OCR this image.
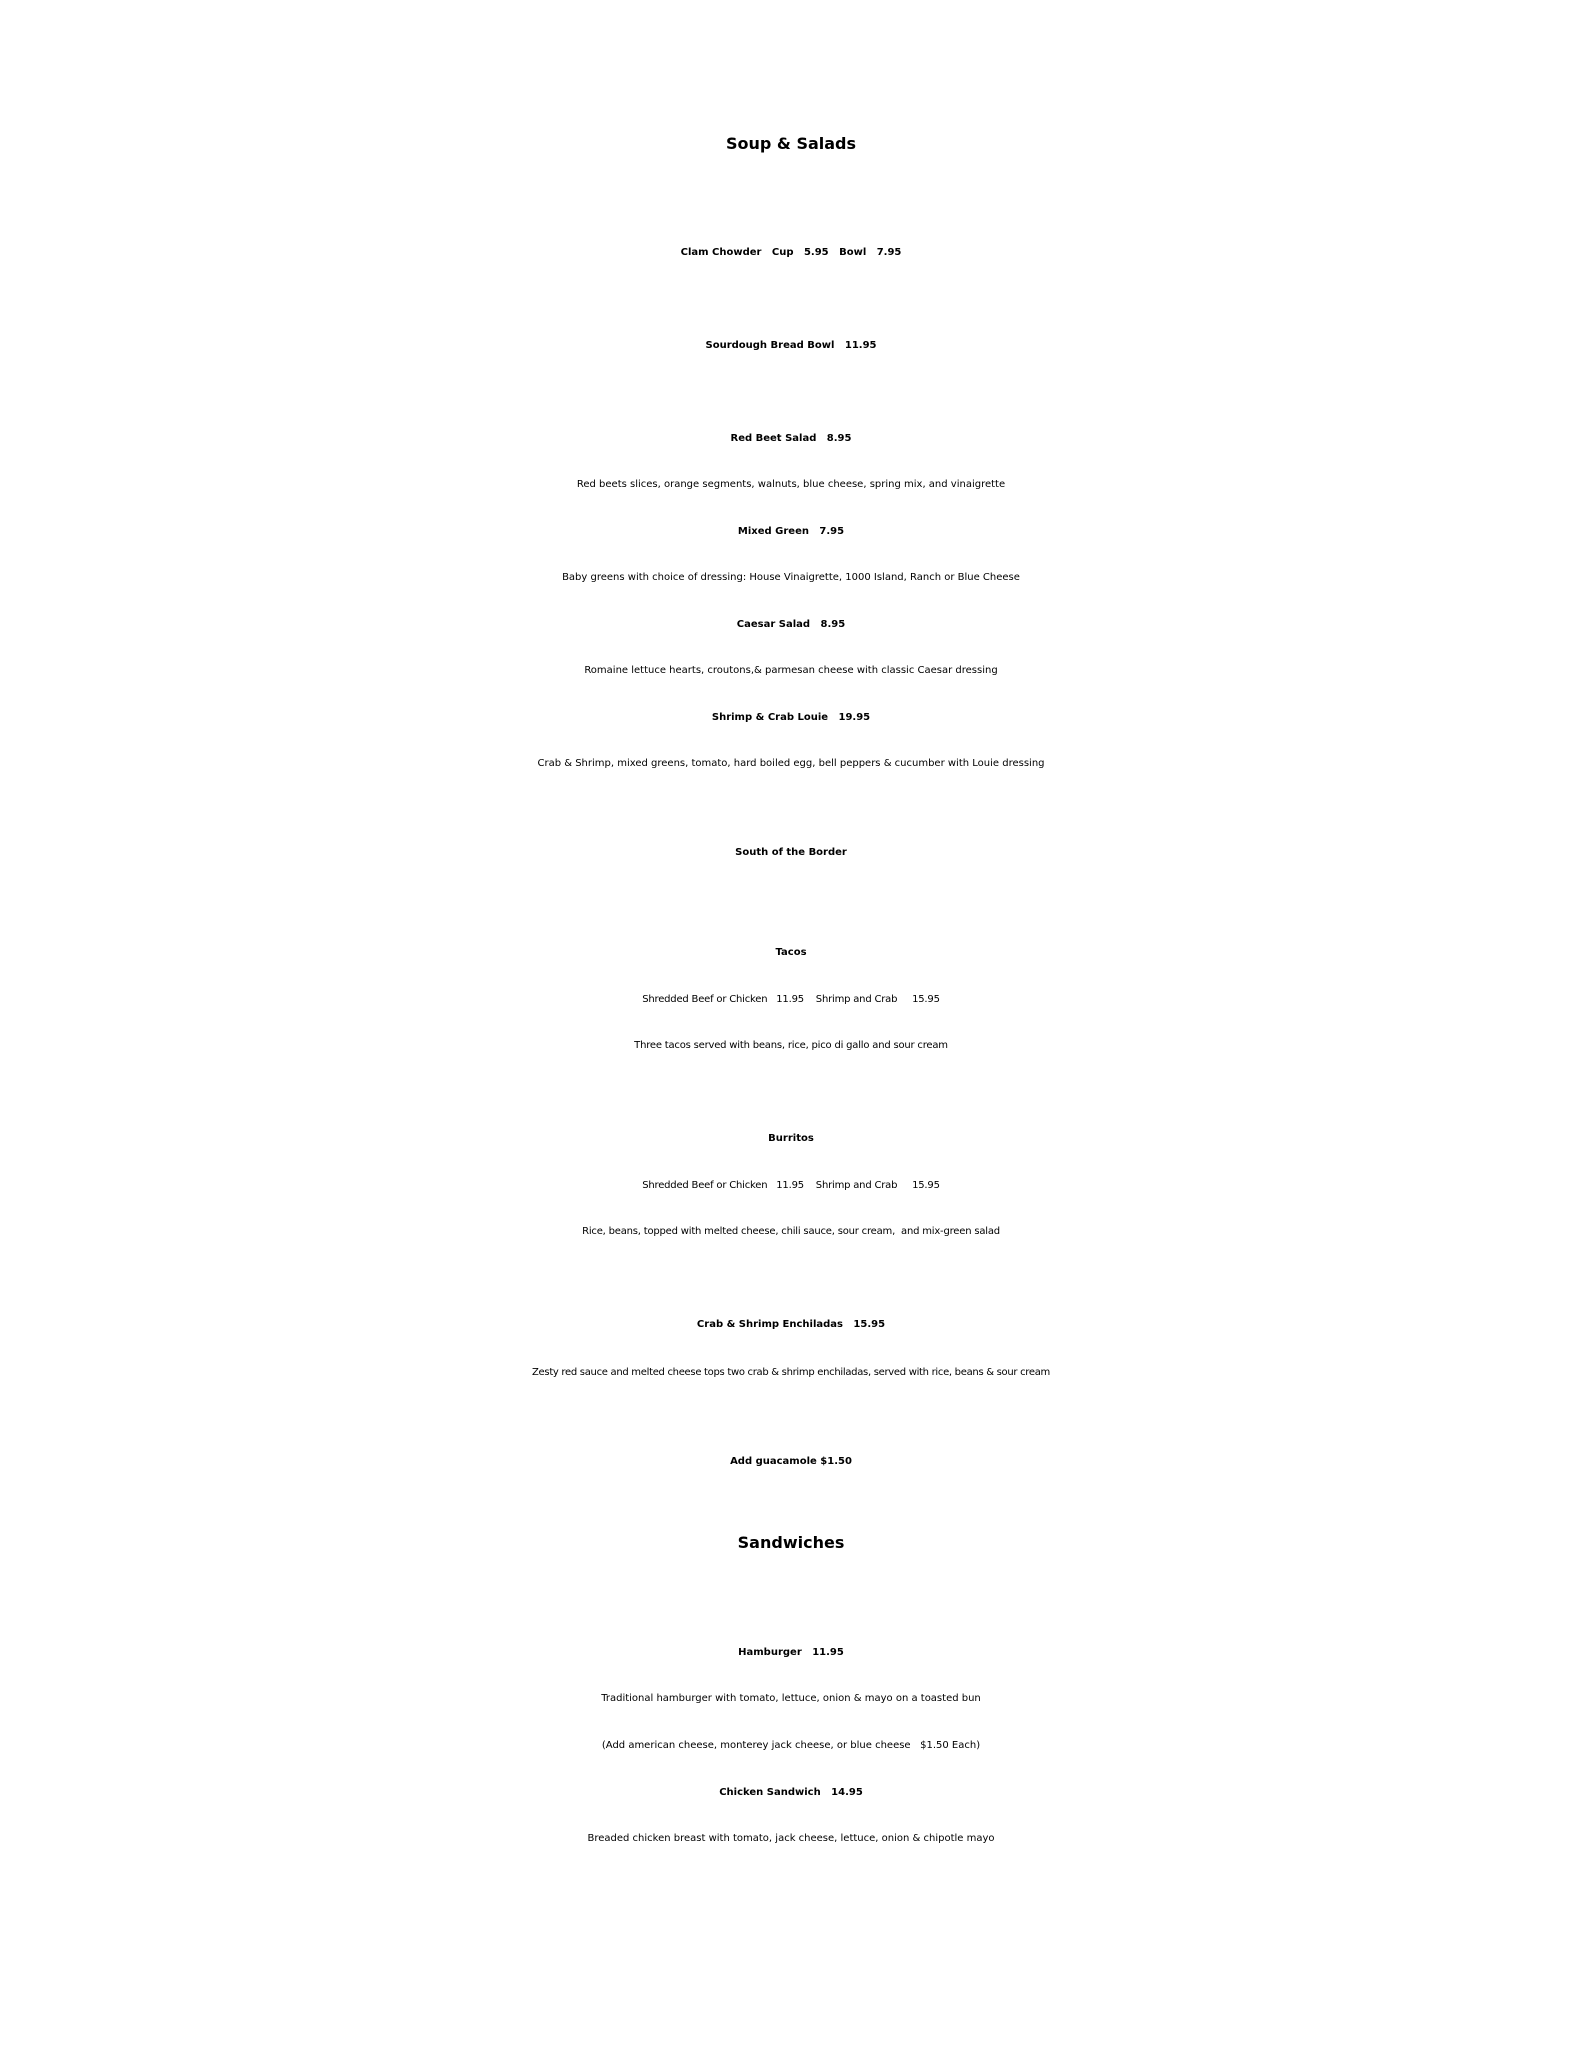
Soup & Salads
Clam Chowder   Cup   5.95   Bowl   7.95
Sourdough Bread Bowl   11.95
Red Beet Salad   8.95
Red beets slices, orange segments, walnuts, blue cheese, spring mix, and vinaigrette
Mixed Green   7.95
Baby greens with choice of dressing: House Vinaigrette, 1000 Island, Ranch or Blue Cheese
Caesar Salad   8.95
Romaine lettuce hearts, croutons,& parmesan cheese with classic Caesar dressing
Shrimp & Crab Louie   19.95
Crab & Shrimp, mixed greens, tomato, hard boiled egg, bell peppers & cucumber with Louie dressing
South of the Border
Tacos
Shredded Beef or Chicken   11.95    Shrimp and Crab     15.95
Three tacos served with beans, rice, pico di gallo and sour cream
Burritos
Shredded Beef or Chicken   11.95    Shrimp and Crab     15.95
Rice, beans, topped with melted cheese, chili sauce, sour cream,  and mix-green salad
Crab & Shrimp Enchiladas   15.95
Zesty red sauce and melted cheese tops two crab & shrimp enchiladas, served with rice, beans & sour cream
Add guacamole $1.50
Sandwiches
Hamburger   11.95
Traditional hamburger with tomato, lettuce, onion & mayo on a toasted bun
(Add american cheese, monterey jack cheese, or blue cheese   $1.50 Each)
Chicken Sandwich   14.95
Breaded chicken breast with tomato, jack cheese, lettuce, onion & chipotle mayo
